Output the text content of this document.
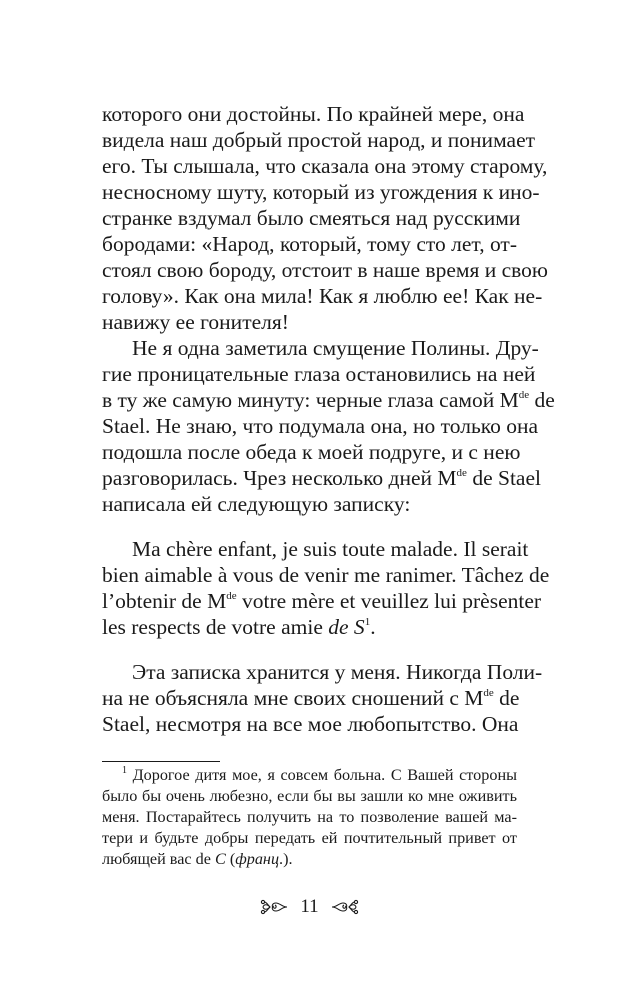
которого они достойны. По крайней мере, она
видела наш добрый простой народ, и понимает
его. Ты слышала, что сказала она этому старому,
несносному шуту, который из угождения к ино-
странке вздумал было смеяться над русскими
бородами: «Народ, который, тому сто лет, от-
стоял свою бороду, отстоит в наше время и свою
голову». Как она мила! Как я люблю ее! Как не-
навижу ее гонителя!
Не я одна заметила смущение Полины. Дру-
гие проницательные глаза остановились на ней
в ту же самую минуту: черные глаза самой Mde de
Stael. Не знаю, что подумала она, но только она
подошла после обеда к моей подруге, и с нею
разговорилась. Чрез несколько дней Mde de Stael
написала ей следующую записку:
Ma chère enfant, je suis toute malade. Il serait
bien aimable à vous de venir me ranimer. Tâchez de
l’obtenir de Mde votre mère et veuillez lui prèsenter
les respects de votre amie de $S^1$.
Эта записка хранится у меня. Никогда Поли-
на не объясняла мне своих сношений с Mde de
Stael, несмотря на все мое любопытство. Она
$^1$ Дорогое дитя мое, я совсем больна. С Вашей стороны
было бы очень любезно, если бы вы зашли ко мне оживить
меня. Постарайтесь получить на то позволение вашей ма-
тери и будьте добры передать ей почтительный привет от
любящей вас de C (франц.).
11
